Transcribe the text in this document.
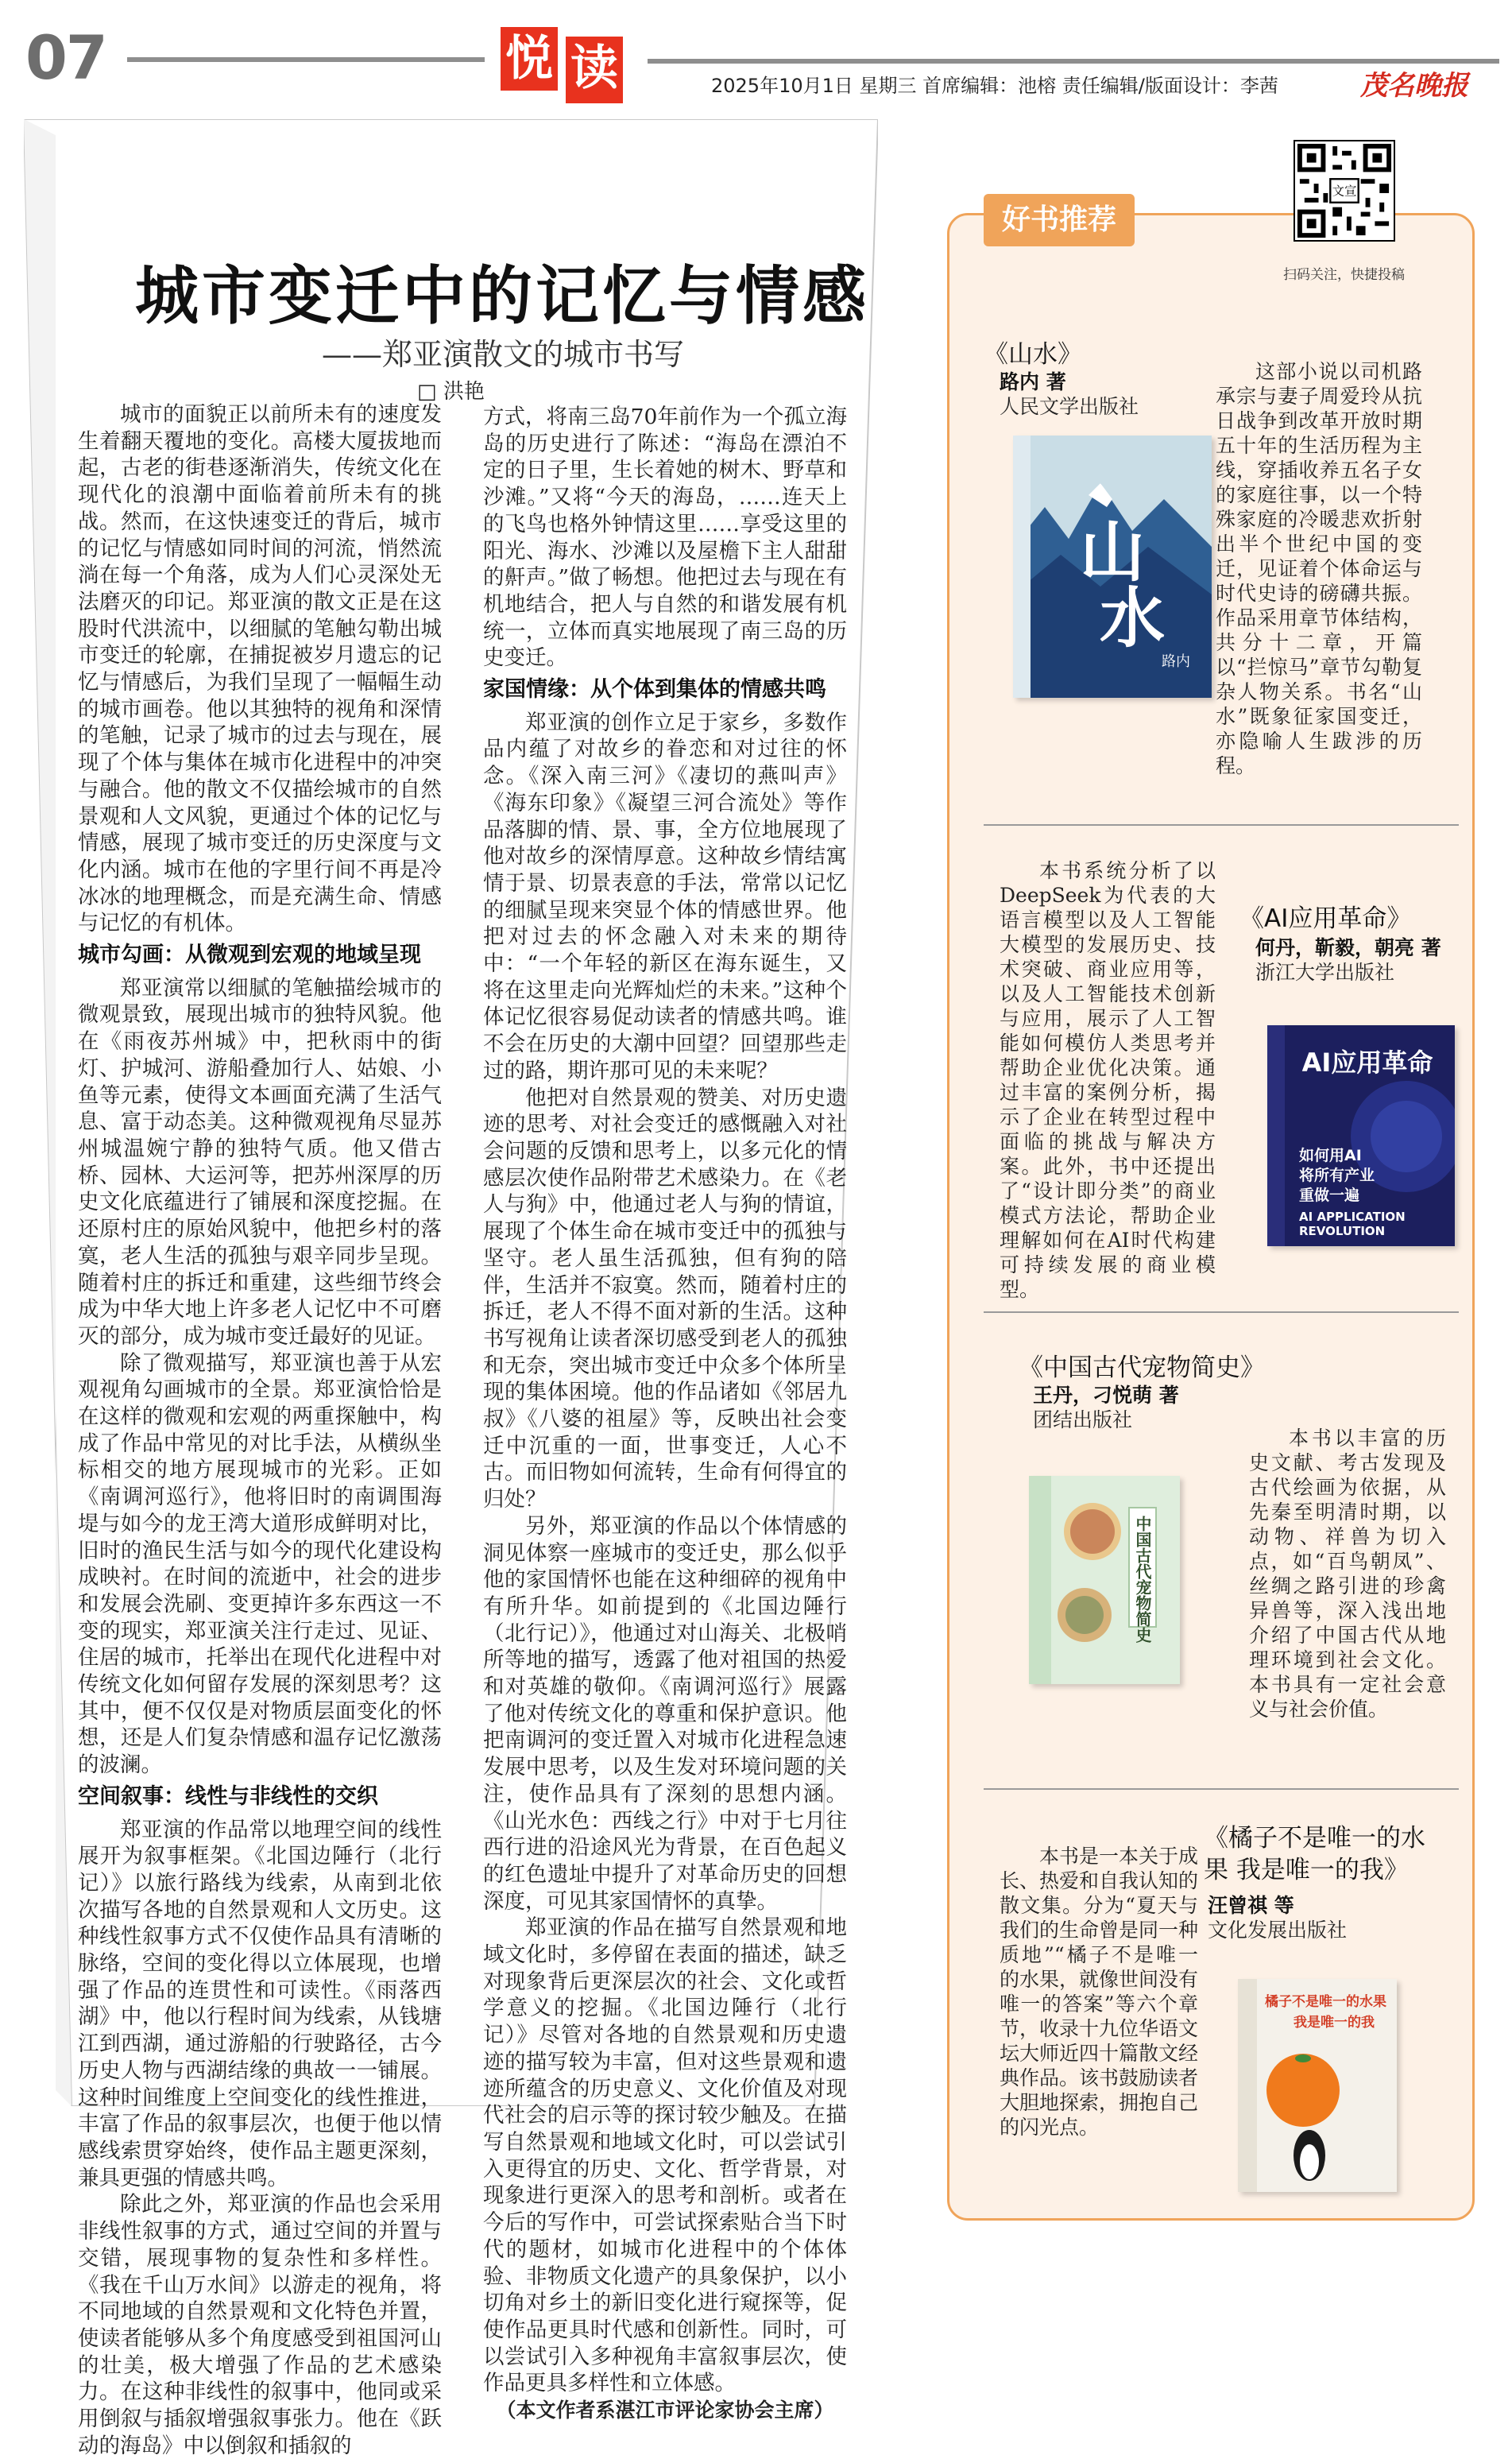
07	悦 读	2025年10月1日 星期三 首席编辑：池榕 责任编辑/版面设计：李茜	茂名晚报
城市变迁中的记忆与情感
——郑亚演散文的城市书写
□ 洪艳

城市的面貌正以前所未有的速度发生着翻天覆地的变化。高楼大厦拔地而起，古老的街巷逐渐消失，传统文化在现代化的浪潮中面临着前所未有的挑战。然而，在这快速变迁的背后，城市的记忆与情感如同时间的河流，悄然流淌在每一个角落，成为人们心灵深处无法磨灭的印记。郑亚演的散文正是在这股时代洪流中，以细腻的笔触勾勒出城市变迁的轮廓，在捕捉被岁月遗忘的记忆与情感后，为我们呈现了一幅幅生动的城市画卷。他以其独特的视角和深情的笔触，记录了城市的过去与现在，展现了个体与集体在城市化进程中的冲突与融合。他的散文不仅描绘城市的自然景观和人文风貌，更通过个体的记忆与情感，展现了城市变迁的历史深度与文化内涵。城市在他的字里行间不再是冷冰冰的地理概念，而是充满生命、情感与记忆的有机体。

城市勾画：从微观到宏观的地域呈现

郑亚演常以细腻的笔触描绘城市的微观景致，展现出城市的独特风貌。他在《雨夜苏州城》中，把秋雨中的街灯、护城河、游船叠加行人、姑娘、小鱼等元素，使得文本画面充满了生活气息、富于动态美。这种微观视角尽显苏州城温婉宁静的独特气质。他又借古桥、园林、大运河等，把苏州深厚的历史文化底蕴进行了铺展和深度挖掘。在还原村庄的原始风貌中，他把乡村的落寞，老人生活的孤独与艰辛同步呈现。随着村庄的拆迁和重建，这些细节终会成为中华大地上许多老人记忆中不可磨灭的部分，成为城市变迁最好的见证。

除了微观描写，郑亚演也善于从宏观视角勾画城市的全景。郑亚演恰恰是在这样的微观和宏观的两重探触中，构成了作品中常见的对比手法，从横纵坐标相交的地方展现城市的光彩。正如《南调河巡行》，他将旧时的南调围海堤与如今的龙王湾大道形成鲜明对比，旧时的渔民生活与如今的现代化建设构成映衬。在时间的流逝中，社会的进步和发展会洗刷、变更掉许多东西这一不变的现实，郑亚演关注行走过、见证、住居的城市，托举出在现代化进程中对传统文化如何留存发展的深刻思考？这其中，便不仅仅是对物质层面变化的怀想，还是人们复杂情感和温存记忆激荡的波澜。

空间叙事：线性与非线性的交织

郑亚演的作品常以地理空间的线性展开为叙事框架。《北国边陲行（北行记）》以旅行路线为线索，从南到北依次描写各地的自然景观和人文历史。这种线性叙事方式不仅使作品具有清晰的脉络，空间的变化得以立体展现，也增强了作品的连贯性和可读性。《雨落西湖》中，他以行程时间为线索，从钱塘江到西湖，通过游船的行驶路径，古今历史人物与西湖结缘的典故一一铺展。这种时间维度上空间变化的线性推进，丰富了作品的叙事层次，也便于他以情感线索贯穿始终，使作品主题更深刻，兼具更强的情感共鸣。

除此之外，郑亚演的作品也会采用非线性叙事的方式，通过空间的并置与交错，展现事物的复杂性和多样性。《我在千山万水间》以游走的视角，将不同地域的自然景观和文化特色并置，使读者能够从多个角度感受到祖国河山的壮美，极大增强了作品的艺术感染力。在这种非线性的叙事中，他同或采用倒叙与插叙增强叙事张力。他在《跃动的海岛》中以倒叙和插叙的

方式，将南三岛70年前作为一个孤立海岛的历史进行了陈述：“海岛在漂泊不定的日子里，生长着她的树木、野草和沙滩。”又将“今天的海岛，……连天上的飞鸟也格外钟情这里……享受这里的阳光、海水、沙滩以及屋檐下主人甜甜的鼾声。”做了畅想。他把过去与现在有机地结合，把人与自然的和谐发展有机统一，立体而真实地展现了南三岛的历史变迁。

家国情缘：从个体到集体的情感共鸣

郑亚演的创作立足于家乡，多数作品内蕴了对故乡的眷恋和对过往的怀念。《深入南三河》《凄切的燕叫声》《海东印象》《凝望三河合流处》等作品落脚的情、景、事，全方位地展现了他对故乡的深情厚意。这种故乡情结寓情于景、切景表意的手法，常常以记忆的细腻呈现来突显个体的情感世界。他把对过去的怀念融入对未来的期待中：“一个年轻的新区在海东诞生，又将在这里走向光辉灿烂的未来。”这种个体记忆很容易促动读者的情感共鸣。谁不会在历史的大潮中回望？回望那些走过的路，期许那可见的未来呢？

他把对自然景观的赞美、对历史遗迹的思考、对社会变迁的感慨融入对社会问题的反馈和思考上，以多元化的情感层次使作品附带艺术感染力。在《老人与狗》中，他通过老人与狗的情谊，展现了个体生命在城市变迁中的孤独与坚守。老人虽生活孤独，但有狗的陪伴，生活并不寂寞。然而，随着村庄的拆迁，老人不得不面对新的生活。这种书写视角让读者深切感受到老人的孤独和无奈，突出城市变迁中众多个体所呈现的集体困境。他的作品诸如《邻居九叔》《八婆的祖屋》等，反映出社会变迁中沉重的一面，世事变迁，人心不古。而旧物如何流转，生命有何得宜的归处？

另外，郑亚演的作品以个体情感的洞见体察一座城市的变迁史，那么似乎他的家国情怀也能在这种细碎的视角中有所升华。如前提到的《北国边陲行（北行记）》，他通过对山海关、北极哨所等地的描写，透露了他对祖国的热爱和对英雄的敬仰。《南调河巡行》展露了他对传统文化的尊重和保护意识。他把南调河的变迁置入对城市化进程急速发展中思考，以及生发对环境问题的关注，使作品具有了深刻的思想内涵。《山光水色：西线之行》中对于七月往西行进的沿途风光为背景，在百色起义的红色遗址中提升了对革命历史的回想深度，可见其家国情怀的真挚。

郑亚演的作品在描写自然景观和地域文化时，多停留在表面的描述，缺乏对现象背后更深层次的社会、文化或哲学意义的挖掘。《北国边陲行（北行记）》尽管对各地的自然景观和历史遗迹的描写较为丰富，但对这些景观和遗迹所蕴含的历史意义、文化价值及对现代社会的启示等的探讨较少触及。在描写自然景观和地域文化时，可以尝试引入更得宜的历史、文化、哲学背景，对现象进行更深入的思考和剖析。或者在今后的写作中，可尝试探索贴合当下时代的题材，如城市化进程中的个体体验、非物质文化遗产的具象保护，以小切角对乡土的新旧变化进行窥探等，促使作品更具时代感和创新性。同时，可以尝试引入多种视角丰富叙事层次，使作品更具多样性和立体感。

（本文作者系湛江市评论家协会主席）

好书推荐
文宣
扫码关注，快捷投稿
《山水》
路内 著
人民文学出版社
山
水
路内

这部小说以司机路承宗与妻子周爱玲从抗日战争到改革开放时期五十年的生活历程为主线，穿插收养五名子女的家庭往事，以一个特殊家庭的冷暖悲欢折射出半个世纪中国的变迁，见证着个体命运与时代史诗的磅礴共振。作品采用章节体结构，共分十二章，开篇以“拦惊马”章节勾勒复杂人物关系。书名“山水”既象征家国变迁，亦隐喻人生跋涉的历程。

本书系统分析了以DeepSeek为代表的大语言模型以及人工智能大模型的发展历史、技术突破、商业应用等，以及人工智能技术创新与应用，展示了人工智能如何模仿人类思考并帮助企业优化决策。通过丰富的案例分析，揭示了企业在转型过程中面临的挑战与解决方案。此外，书中还提出了“设计即分类”的商业模式方法论，帮助企业理解如何在AI时代构建可持续发展的商业模型。

《AI应用革命》
何丹，靳毅，朝亮 著
浙江大学出版社
AI应用革命
如何用AI
将所有产业
重做一遍
AI APPLICATION
REVOLUTION
《中国古代宠物简史》
王丹，刁悦萌 著
团结出版社
中国古代宠物简史

本书以丰富的历史文献、考古发现及古代绘画为依据，从先秦至明清时期，以动物、祥兽为切入点，如“百鸟朝凤”、丝绸之路引进的珍禽异兽等，深入浅出地介绍了中国古代从地理环境到社会文化。本书具有一定社会意义与社会价值。

本书是一本关于成长、热爱和自我认知的散文集。分为“夏天与我们的生命曾是同一种质地”“橘子不是唯一的水果，就像世间没有唯一的答案”等六个章节，收录十九位华语文坛大师近四十篇散文经典作品。该书鼓励读者大胆地探索，拥抱自己的闪光点。

《橘子不是唯一的水
果 我是唯一的我》
汪曾祺 等
文化发展出版社
橘子不是唯一的水果
我是唯一的我
